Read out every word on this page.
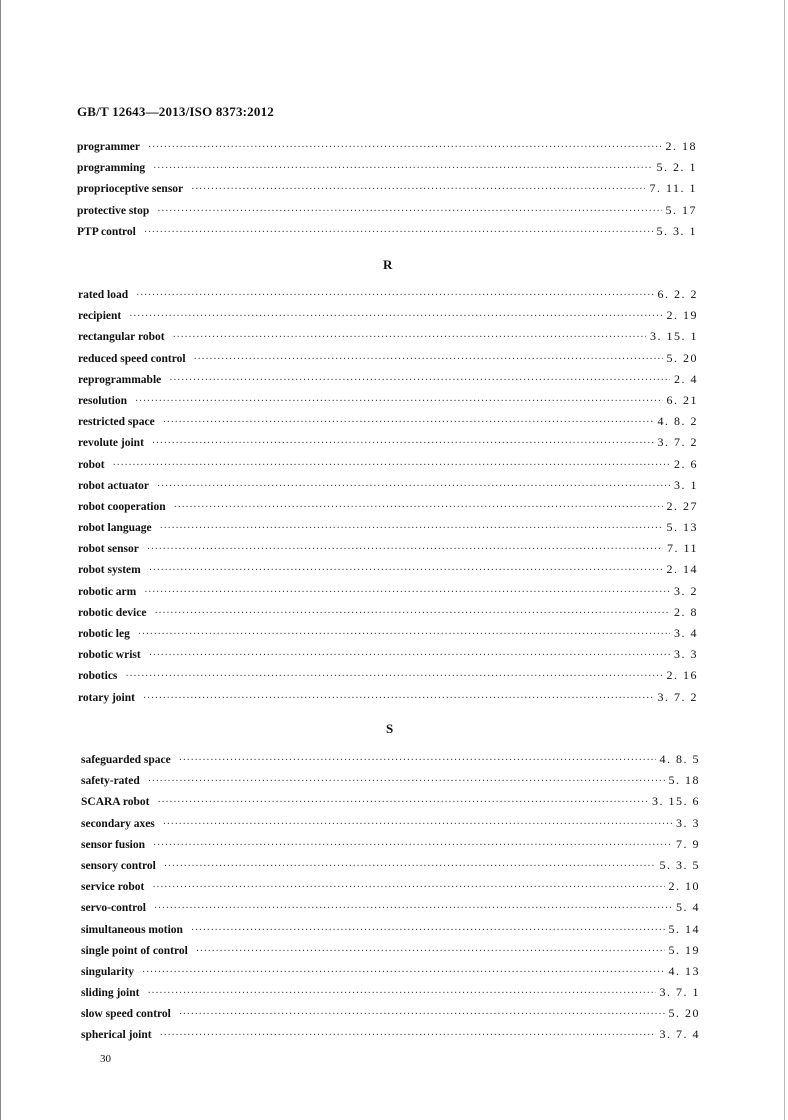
GB/T 12643—2013/ISO 8373:2012
programmer ·····	2. 18
programming ·····	5. 2. 1
proprioceptive sensor ·····	7. 11. 1
protective stop ·····	5. 17
PTP control ·····	5. 3. 1
R
rated load ·····	6. 2. 2
recipient ·····	2. 19
rectangular robot ·····	3. 15. 1
reduced speed control ·····	5. 20
reprogrammable ·····	2. 4
resolution ·····	6. 21
restricted space ·····	4. 8. 2
revolute joint ·····	3. 7. 2
robot ·····	2. 6
robot actuator ·····	3. 1
robot cooperation ·····	2. 27
robot language ·····	5. 13
robot sensor ·····	7. 11
robot system ·····	2. 14
robotic arm ·····	3. 2
robotic device ·····	2. 8
robotic leg ·····	3. 4
robotic wrist ·····	3. 3
robotics ·····	2. 16
rotary joint ·····	3. 7. 2
S
safeguarded space ·····	4. 8. 5
safety-rated ·····	5. 18
SCARA robot ·····	3. 15. 6
secondary axes ·····	3. 3
sensor fusion ·····	7. 9
sensory control ·····	5. 3. 5
service robot ·····	2. 10
servo-control ·····	5. 4
simultaneous motion ·····	5. 14
single point of control ·····	5. 19
singularity ·····	4. 13
sliding joint ·····	3. 7. 1
slow speed control ·····	5. 20
spherical joint ·····	3. 7. 4
30
